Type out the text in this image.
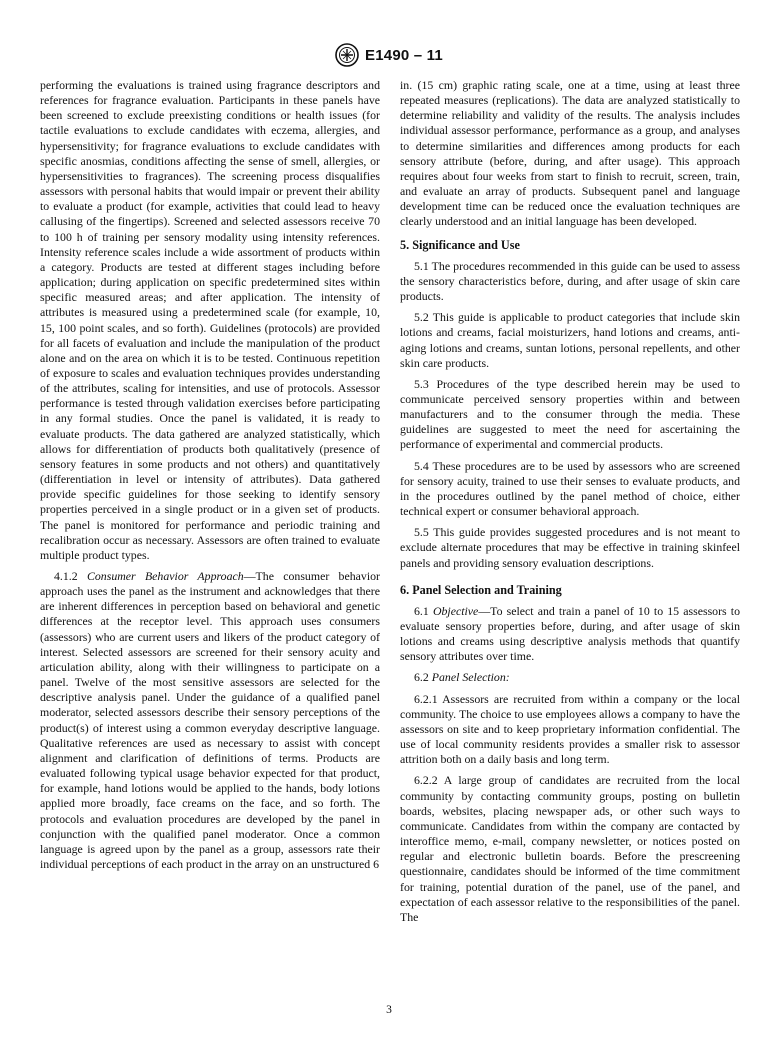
E1490 – 11

performing the evaluations is trained using fragrance descriptors and references for fragrance evaluation. Participants in these panels have been screened to exclude preexisting conditions or health issues (for tactile evaluations to exclude candidates with eczema, allergies, and hypersensitivity; for fragrance evaluations to exclude candidates with specific anosmias, conditions affecting the sense of smell, allergies, or hypersensitivities to fragrances). The screening process disqualifies assessors with personal habits that would impair or prevent their ability to evaluate a product (for example, activities that could lead to heavy callusing of the fingertips). Screened and selected assessors receive 70 to 100 h of training per sensory modality using intensity references. Intensity reference scales include a wide assortment of products within a category. Products are tested at different stages including before application; during application on specific predetermined sites within specific measured areas; and after application. The intensity of attributes is measured using a predetermined scale (for example, 10, 15, 100 point scales, and so forth). Guidelines (protocols) are provided for all facets of evaluation and include the manipulation of the product alone and on the area on which it is to be tested. Continuous repetition of exposure to scales and evaluation techniques provides understanding of the attributes, scaling for intensities, and use of protocols. Assessor performance is tested through validation exercises before participating in any formal studies. Once the panel is validated, it is ready to evaluate products. The data gathered are analyzed statistically, which allows for differentiation of products both qualitatively (presence of sensory features in some products and not others) and quantitatively (differentiation in level or intensity of attributes). Data gathered provide specific guidelines for those seeking to identify sensory properties perceived in a single product or in a given set of products. The panel is monitored for performance and periodic training and recalibration occur as necessary. Assessors are often trained to evaluate multiple product types.

4.1.2 Consumer Behavior Approach—The consumer behavior approach uses the panel as the instrument and acknowledges that there are inherent differences in perception based on behavioral and genetic differences at the receptor level. This approach uses consumers (assessors) who are current users and likers of the product category of interest. Selected assessors are screened for their sensory acuity and articulation ability, along with their willingness to participate on a panel. Twelve of the most sensitive assessors are selected for the descriptive analysis panel. Under the guidance of a qualified panel moderator, selected assessors describe their sensory perceptions of the product(s) of interest using a common everyday descriptive language. Qualitative references are used as necessary to assist with concept alignment and clarification of definitions of terms. Products are evaluated following typical usage behavior expected for that product, for example, hand lotions would be applied to the hands, body lotions applied more broadly, face creams on the face, and so forth. The protocols and evaluation procedures are developed by the panel in conjunction with the qualified panel moderator. Once a common language is agreed upon by the panel as a group, assessors rate their individual perceptions of each product in the array on an unstructured 6

in. (15 cm) graphic rating scale, one at a time, using at least three repeated measures (replications). The data are analyzed statistically to determine reliability and validity of the results. The analysis includes individual assessor performance, performance as a group, and analyses to determine similarities and differences among products for each sensory attribute (before, during, and after usage). This approach requires about four weeks from start to finish to recruit, screen, train, and evaluate an array of products. Subsequent panel and language development time can be reduced once the evaluation techniques are clearly understood and an initial language has been developed.

5. Significance and Use

5.1 The procedures recommended in this guide can be used to assess the sensory characteristics before, during, and after usage of skin care products.

5.2 This guide is applicable to product categories that include skin lotions and creams, facial moisturizers, hand lotions and creams, anti-aging lotions and creams, suntan lotions, personal repellents, and other skin care products.

5.3 Procedures of the type described herein may be used to communicate perceived sensory properties within and between manufacturers and to the consumer through the media. These guidelines are suggested to meet the need for ascertaining the performance of experimental and commercial products.

5.4 These procedures are to be used by assessors who are screened for sensory acuity, trained to use their senses to evaluate products, and in the procedures outlined by the panel method of choice, either technical expert or consumer behavioral approach.

5.5 This guide provides suggested procedures and is not meant to exclude alternate procedures that may be effective in training skinfeel panels and providing sensory evaluation descriptions.

6. Panel Selection and Training

6.1 Objective—To select and train a panel of 10 to 15 assessors to evaluate sensory properties before, during, and after usage of skin lotions and creams using descriptive analysis methods that quantify sensory attributes over time.

6.2 Panel Selection:

6.2.1 Assessors are recruited from within a company or the local community. The choice to use employees allows a company to have the assessors on site and to keep proprietary information confidential. The use of local community residents provides a smaller risk to assessor attrition both on a daily basis and long term.

6.2.2 A large group of candidates are recruited from the local community by contacting community groups, posting on bulletin boards, websites, placing newspaper ads, or other such ways to communicate. Candidates from within the company are contacted by interoffice memo, e-mail, company newsletter, or notices posted on regular and electronic bulletin boards. Before the prescreening questionnaire, candidates should be informed of the time commitment for training, potential duration of the panel, use of the panel, and expectation of each assessor relative to the responsibilities of the panel. The

3
